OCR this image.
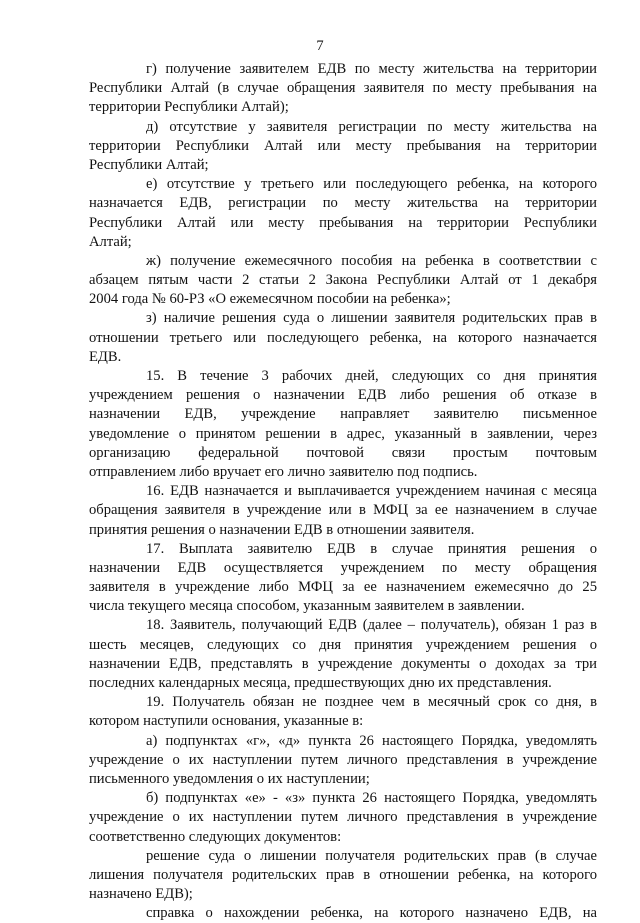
7
г) получение заявителем ЕДВ по месту жительства на территории
Республики Алтай (в случае обращения заявителя по месту пребывания на
территории Республики Алтай);
д) отсутствие у заявителя регистрации по месту жительства на
территории Республики Алтай или месту пребывания на территории
Республики Алтай;
е) отсутствие у третьего или последующего ребенка, на которого
назначается ЕДВ, регистрации по месту жительства на территории
Республики Алтай или месту пребывания на территории Республики
Алтай;
ж) получение ежемесячного пособия на ребенка в соответствии с
абзацем пятым части 2 статьи 2 Закона Республики Алтай от 1 декабря
2004 года № 60-РЗ «О ежемесячном пособии на ребенка»;
з) наличие решения суда о лишении заявителя родительских прав в
отношении третьего или последующего ребенка, на которого назначается
ЕДВ.
15. В течение 3 рабочих дней, следующих со дня принятия
учреждением решения о назначении ЕДВ либо решения об отказе в
назначении ЕДВ, учреждение направляет заявителю письменное
уведомление о принятом решении в адрес, указанный в заявлении, через
организацию федеральной почтовой связи простым почтовым
отправлением либо вручает его лично заявителю под подпись.
16. ЕДВ назначается и выплачивается учреждением начиная с месяца
обращения заявителя в учреждение или в МФЦ за ее назначением в случае
принятия решения о назначении ЕДВ в отношении заявителя.
17. Выплата заявителю ЕДВ в случае принятия решения о
назначении ЕДВ осуществляется учреждением по месту обращения
заявителя в учреждение либо МФЦ за ее назначением ежемесячно до 25
числа текущего месяца способом, указанным заявителем в заявлении.
18. Заявитель, получающий ЕДВ (далее – получатель), обязан 1 раз в
шесть месяцев, следующих со дня принятия учреждением решения о
назначении ЕДВ, представлять в учреждение документы о доходах за три
последних календарных месяца, предшествующих дню их представления.
19. Получатель обязан не позднее чем в месячный срок со дня, в
котором наступили основания, указанные в:
а) подпунктах «г», «д» пункта 26 настоящего Порядка, уведомлять
учреждение о их наступлении путем личного представления в учреждение
письменного уведомления о их наступлении;
б) подпунктах «е» - «з» пункта 26 настоящего Порядка, уведомлять
учреждение о их наступлении путем личного представления в учреждение
соответственно следующих документов:
решение суда о лишении получателя родительских прав (в случае
лишения получателя родительских прав в отношении ребенка, на которого
назначено ЕДВ);
справка о нахождении ребенка, на которого назначено ЕДВ, на
